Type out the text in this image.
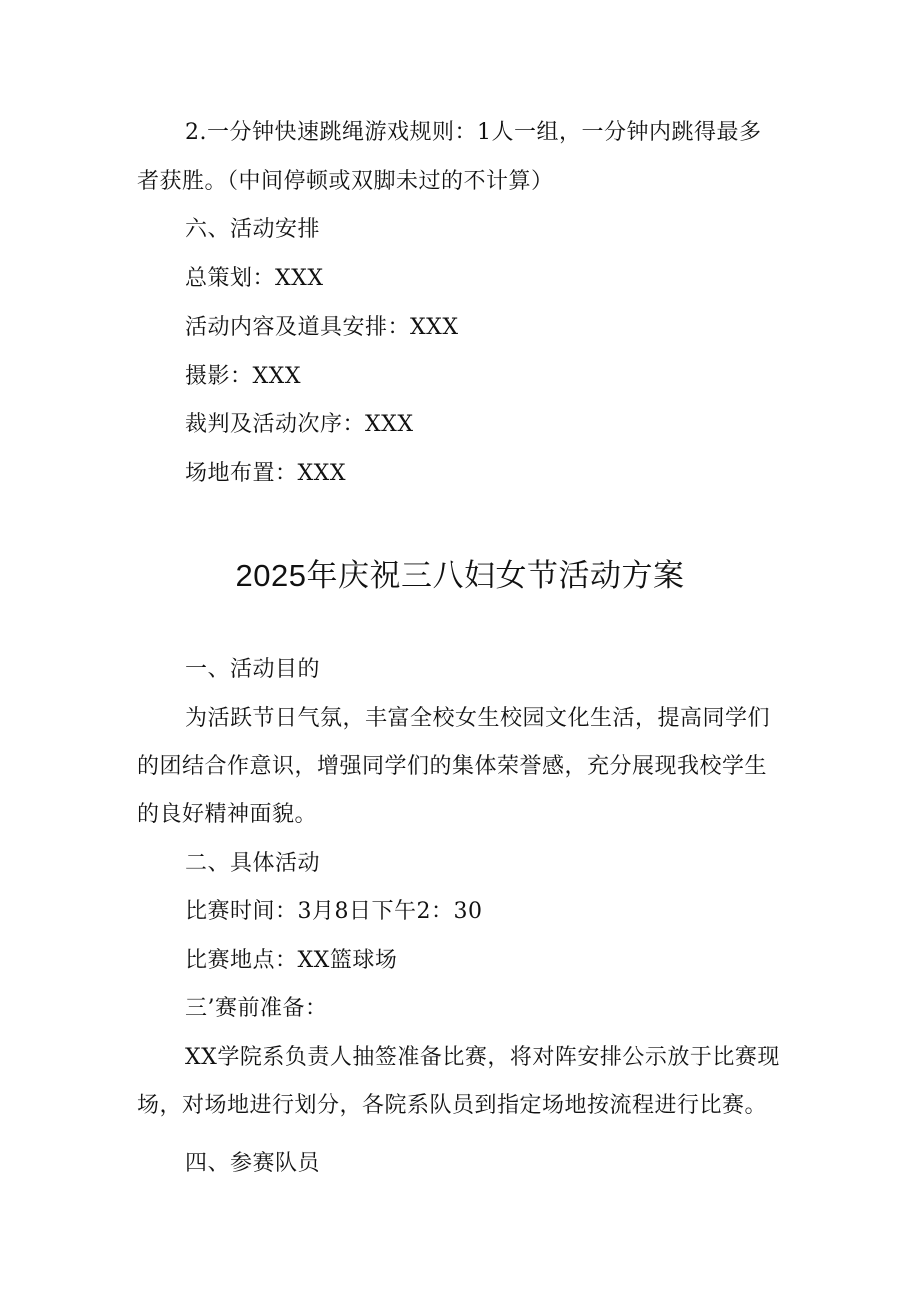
2.一分钟快速跳绳游戏规则：1人一组，一分钟内跳得最多
者获胜。（中间停顿或双脚未过的不计算）
六、活动安排
总策划：XXX
活动内容及道具安排：XXX
摄影：XXX
裁判及活动次序：XXX
场地布置：XXX
2025年庆祝三八妇女节活动方案
一、活动目的
为活跃节日气氛，丰富全校女生校园文化生活，提高同学们
的团结合作意识，增强同学们的集体荣誉感，充分展现我校学生
的良好精神面貌。
二、具体活动
比赛时间：3月8日下午2：30
比赛地点：XX篮球场
三’赛前准备：
XX学院系负责人抽签准备比赛，将对阵安排公示放于比赛现
场，对场地进行划分，各院系队员到指定场地按流程进行比赛。
四、参赛队员
